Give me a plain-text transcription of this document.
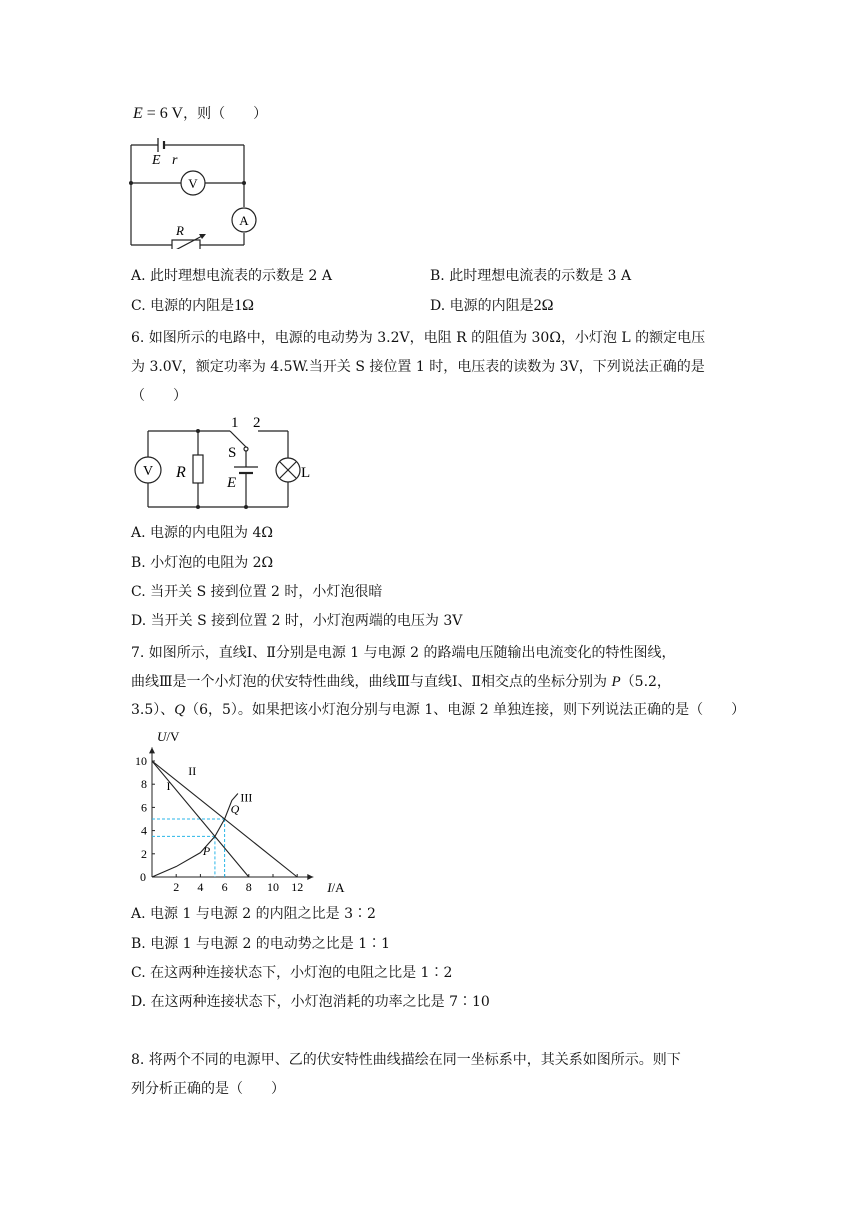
E = 6 V，则（　　）
E r
V
A
R
A. 此时理想电流表的示数是 2 A	B. 此时理想电流表的示数是 3 A
C. 电源的内阻是1Ω	D. 电源的内阻是2Ω
6. 如图所示的电路中，电源的电动势为 3.2V，电阻 R 的阻值为 30Ω，小灯泡 L 的额定电压
为 3.0V，额定功率为 4.5W.当开关 S 接位置 1 时，电压表的读数为 3V，下列说法正确的是
（　　）
1 2
V R
S
E
L
A. 电源的内电阻为 4Ω
B. 小灯泡的电阻为 2Ω
C. 当开关 S 接到位置 2 时，小灯泡很暗
D. 当开关 S 接到位置 2 时，小灯泡两端的电压为 3V
7. 如图所示，直线Ⅰ、Ⅱ分别是电源 1 与电源 2 的路端电压随输出电流变化的特性图线，
曲线Ⅲ是一个小灯泡的伏安特性曲线，曲线Ⅲ与直线Ⅰ、Ⅱ相交点的坐标分别为 P（5.2，
3.5）、Q（6，5）。如果把该小灯泡分别与电源 1、电源 2 单独连接，则下列说法正确的是（　　）
U/V
I/A
2 4 6 8 10 12
2
4
6
8
10
0
I
II
III
P
Q
A. 电源 1 与电源 2 的内阻之比是 3∶2
B. 电源 1 与电源 2 的电动势之比是 1∶1
C. 在这两种连接状态下，小灯泡的电阻之比是 1∶2
D. 在这两种连接状态下，小灯泡消耗的功率之比是 7∶10
8. 将两个不同的电源甲、乙的伏安特性曲线描绘在同一坐标系中，其关系如图所示。则下
列分析正确的是（　　）
